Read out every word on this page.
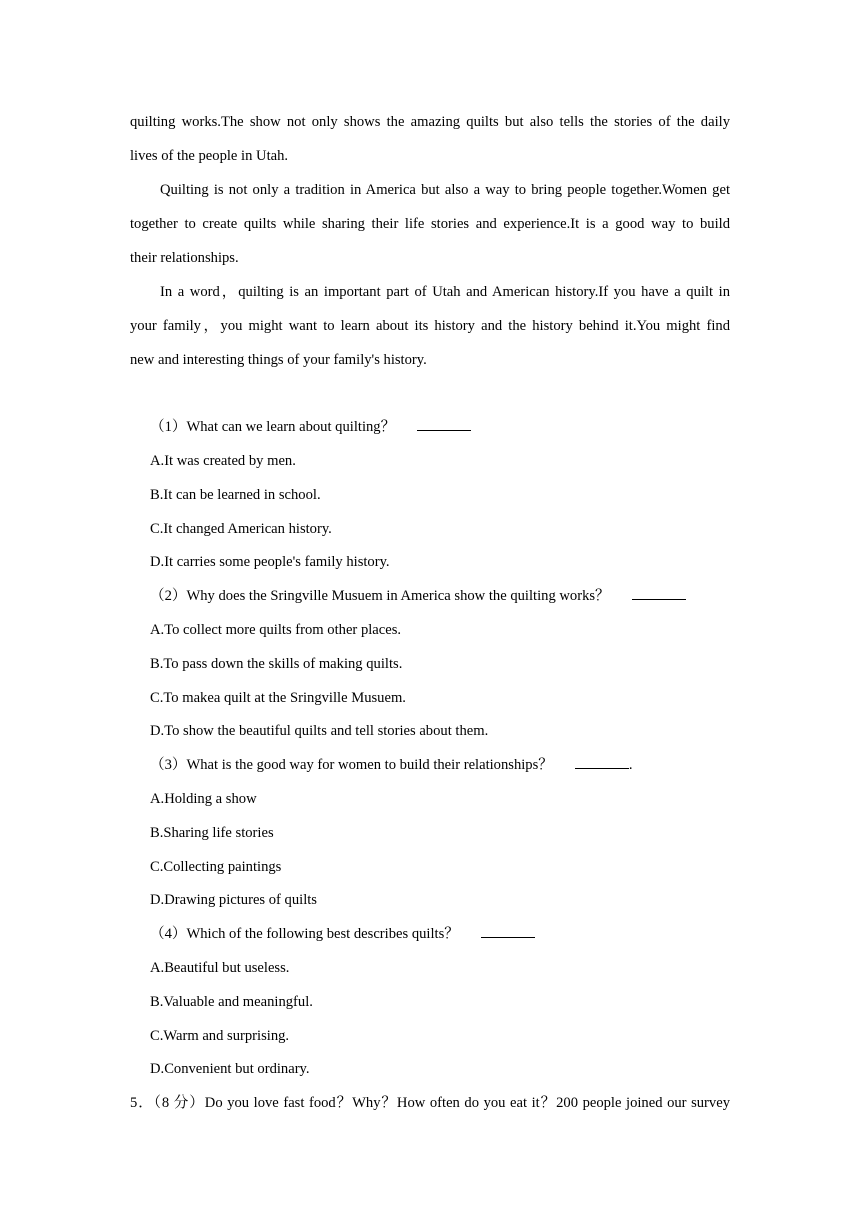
quilting works.The show not only shows the amazing quilts but also tells the stories of the daily
lives of the people in Utah.
Quilting is not only a tradition in America but also a way to bring people together.Women get
together to create quilts while sharing their life stories and experience.It is a good way to build
their relationships.
In a word，quilting is an important part of Utah and American history.If you have a quilt in
your family，you might want to learn about its history and the history behind it.You might find
new and interesting things of your family's history.
（1）What can we learn about quilting？
A.It was created by men.
B.It can be learned in school.
C.It changed American history.
D.It carries some people's family history.
（2）Why does the Sringville Musuem in America show the quilting works？
A.To collect more quilts from other places.
B.To pass down the skills of making quilts.
C.To makea quilt at the Sringville Musuem.
D.To show the beautiful quilts and tell stories about them.
（3）What is the good way for women to build their relationships？	.
A.Holding a show
B.Sharing life stories
C.Collecting paintings
D.Drawing pictures of quilts
（4）Which of the following best describes quilts？
A.Beautiful but useless.
B.Valuable and meaningful.
C.Warm and surprising.
D.Convenient but ordinary.
5．（8 分）Do you love fast food？Why？How often do you eat it？200 people joined our survey
